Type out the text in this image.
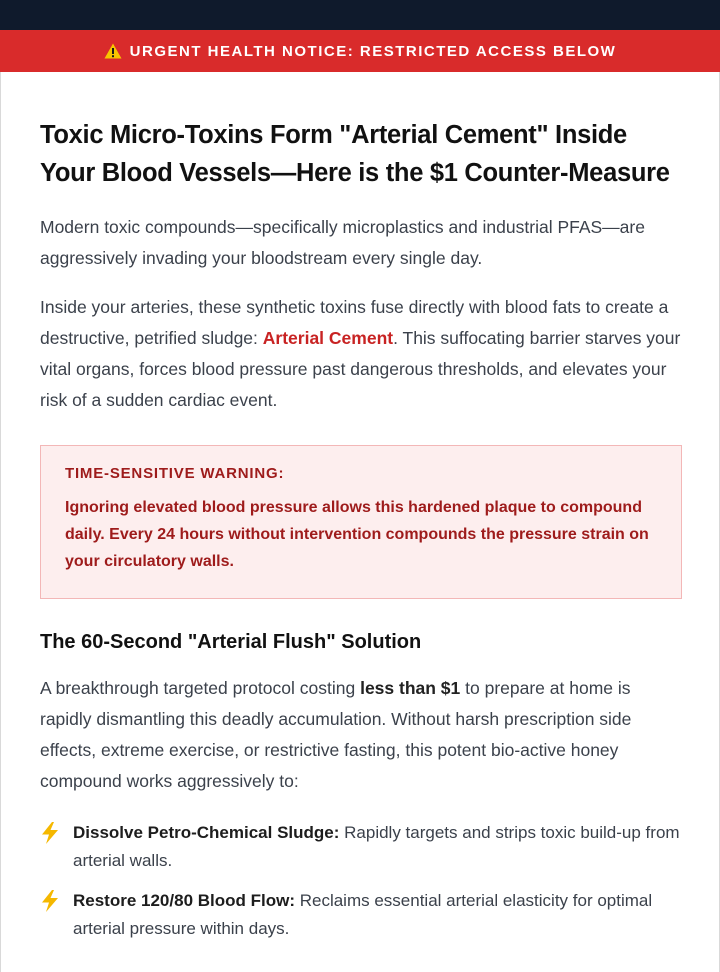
URGENT HEALTH NOTICE: RESTRICTED ACCESS BELOW
Toxic Micro-Toxins Form "Arterial Cement" Inside Your Blood Vessels—Here is the $1 Counter-Measure

Modern toxic compounds—specifically microplastics and industrial PFAS—are aggressively invading your bloodstream every single day.

Inside your arteries, these synthetic toxins fuse directly with blood fats to create a destructive, petrified sludge: Arterial Cement. This suffocating barrier starves your vital organs, forces blood pressure past dangerous thresholds, and elevates your risk of a sudden cardiac event.

TIME-SENSITIVE WARNING:
Ignoring elevated blood pressure allows this hardened plaque to compound daily. Every 24 hours without intervention compounds the pressure strain on your circulatory walls.
The 60-Second "Arterial Flush" Solution

A breakthrough targeted protocol costing less than $1 to prepare at home is rapidly dismantling this deadly accumulation. Without harsh prescription side effects, extreme exercise, or restrictive fasting, this potent bio-active honey compound works aggressively to:

Dissolve Petro-Chemical Sludge: Rapidly targets and strips toxic build-up from arterial walls.
Restore 120/80 Blood Flow: Reclaims essential arterial elasticity for optimal arterial pressure within days.
